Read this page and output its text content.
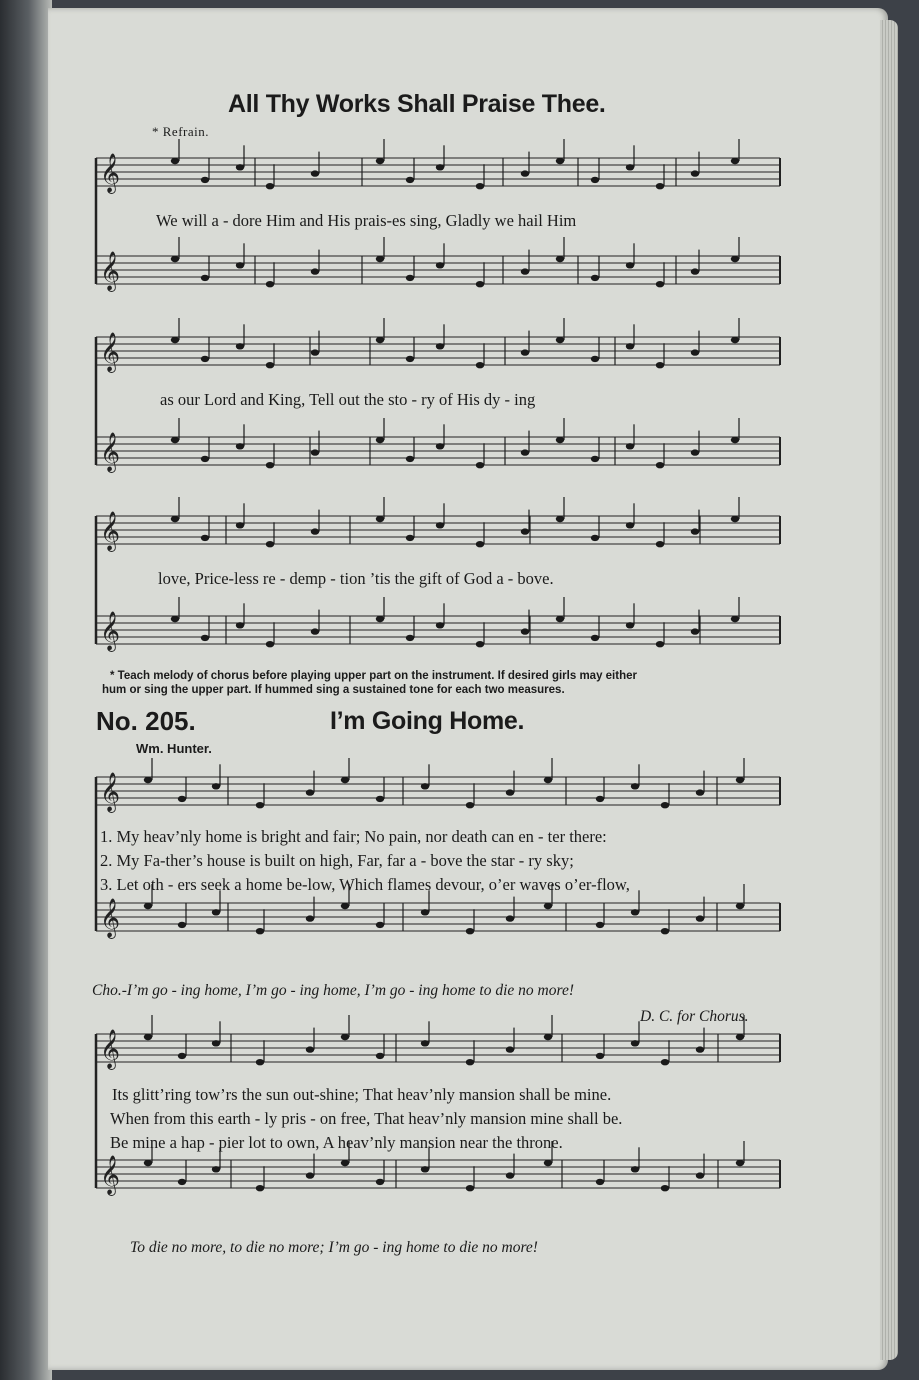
𝄞
𝄞
𝄞
𝄞
𝄞
𝄞
𝄞
𝄞
𝄞
𝄞
All Thy Works Shall Praise Thee.
* Refrain.
We will a - dore Him and His prais-es sing, Gladly we hail Him
as our Lord and King, Tell out the sto - ry of His dy - ing
love, Price-less re - demp - tion ’tis the gift of God a - bove.
* Teach melody of chorus before playing upper part on the instrument. If desired girls may either
hum or sing the upper part. If hummed sing a sustained tone for each two measures.
No. 205.	I’m Going Home.
Wm. Hunter.
1. My heav’nly home is bright and fair; No pain, nor death can en - ter there:
2. My Fa-ther’s house is built on high, Far, far a - bove the star - ry sky;
3. Let oth - ers seek a home be-low, Which flames devour, o’er waves o’er-flow,
Cho.-I’m go - ing home, I’m go - ing home, I’m go - ing home to die no more!
D. C. for Chorus.
Its glitt’ring tow’rs the sun out-shine; That heav’nly mansion shall be mine.
When from this earth - ly pris - on free, That heav’nly mansion mine shall be.
Be mine a hap - pier lot to own, A heav’nly mansion near the throne.
To die no more, to die no more; I’m go - ing home to die no more!
